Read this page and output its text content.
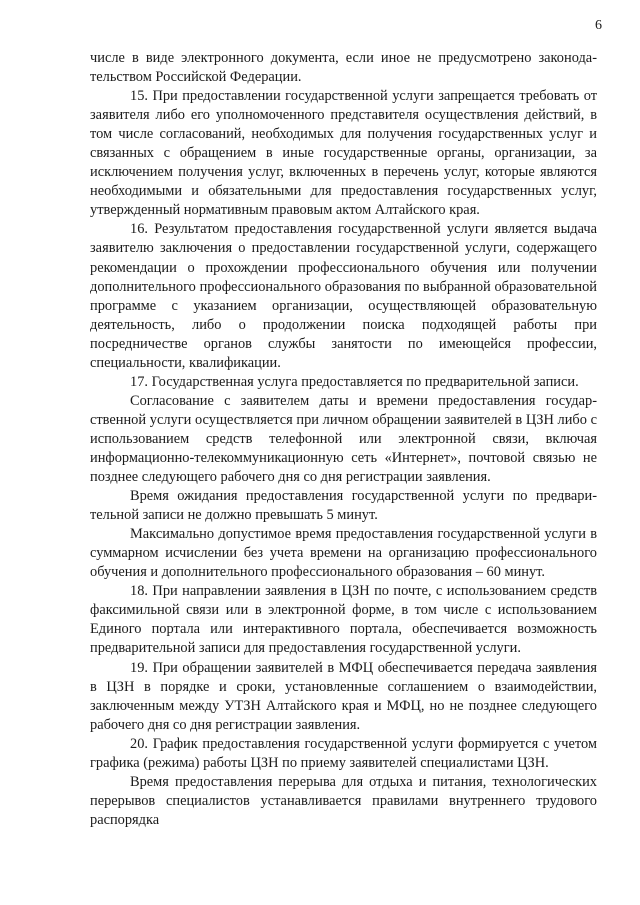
6

числе в виде электронного документа, если иное не предусмотрено законодательством Российской Федерации.

15. При предоставлении государственной услуги запрещается требовать от заявителя либо его уполномоченного представителя осуществления действий, в том числе согласований, необходимых для получения государственных услуг и связанных с обращением в иные государственные органы, организации, за исключением получения услуг, включенных в перечень услуг, которые являются необходимыми и обязательными для предоставления государственных услуг, утвержденный нормативным правовым актом Алтайского края.

16. Результатом предоставления государственной услуги является выдача заявителю заключения о предоставлении государственной услуги, содержащего рекомендации о прохождении профессионального обучения или получении дополнительного профессионального образования по выбранной образовательной программе с указанием организации, осуществляющей образовательную деятельность, либо о продолжении поиска подходящей работы при посредничестве органов службы занятости по имеющейся профессии, специальности, квалификации.

17. Государственная услуга предоставляется по предварительной записи.

Согласование с заявителем даты и времени предоставления государственной услуги осуществляется при личном обращении заявителей в ЦЗН либо с использованием средств телефонной или электронной связи, включая информационно-телекоммуникационную сеть «Интернет», почтовой связью не позднее следующего рабочего дня со дня регистрации заявления.

Время ожидания предоставления государственной услуги по предварительной записи не должно превышать 5 минут.

Максимально допустимое время предоставления государственной услуги в суммарном исчислении без учета времени на организацию профессионального обучения и дополнительного профессионального образования – 60 минут.

18. При направлении заявления в ЦЗН по почте, с использованием средств факсимильной связи или в электронной форме, в том числе с использованием Единого портала или интерактивного портала, обеспечивается возможность предварительной записи для предоставления государственной услуги.

19. При обращении заявителей в МФЦ обеспечивается передача заявления в ЦЗН в порядке и сроки, установленные соглашением о взаимодействии, заключенным между УТЗН Алтайского края и МФЦ, но не позднее следующего рабочего дня со дня регистрации заявления.

20. График предоставления государственной услуги формируется с учетом графика (режима) работы ЦЗН по приему заявителей специалистами ЦЗН.

Время предоставления перерыва для отдыха и питания, технологических перерывов специалистов устанавливается правилами внутреннего трудового распорядка
